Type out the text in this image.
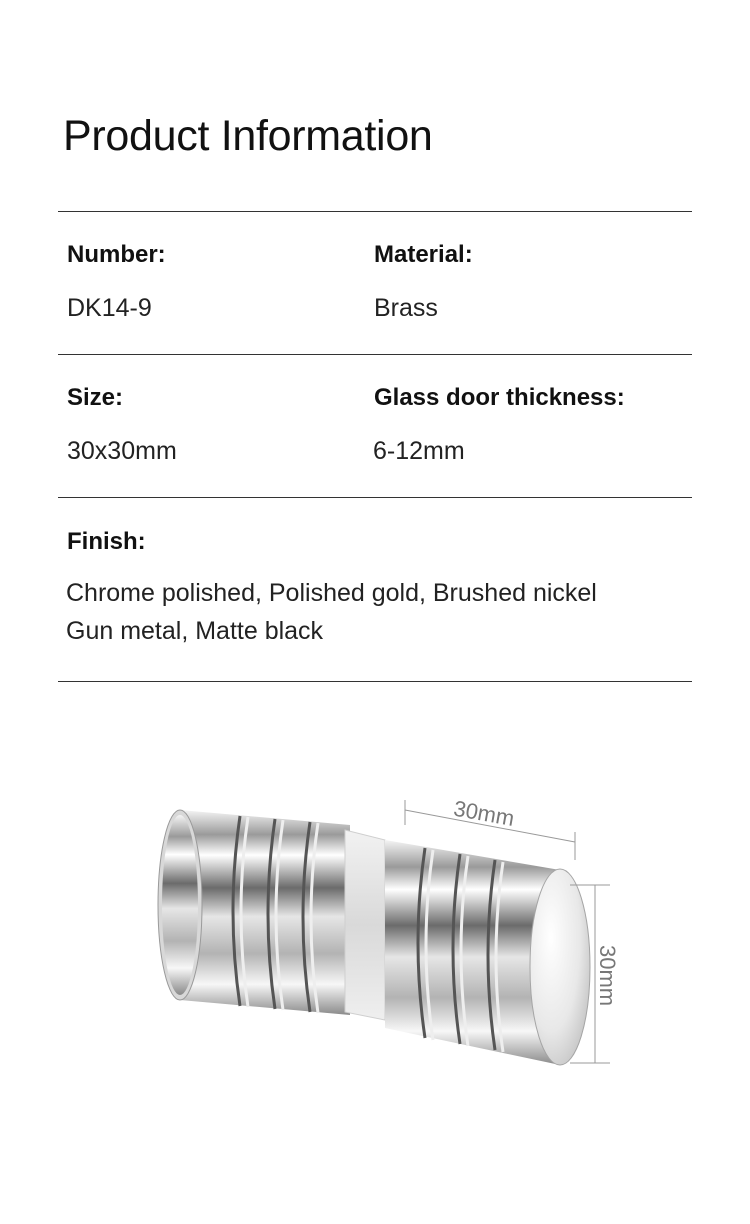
Product Information
Number:
DK14-9
Material:
Brass
Size:
30x30mm
Glass door thickness:
6-12mm
Finish:
Chrome polished, Polished gold, Brushed nickel
Gun metal, Matte black
30mm
30mm
